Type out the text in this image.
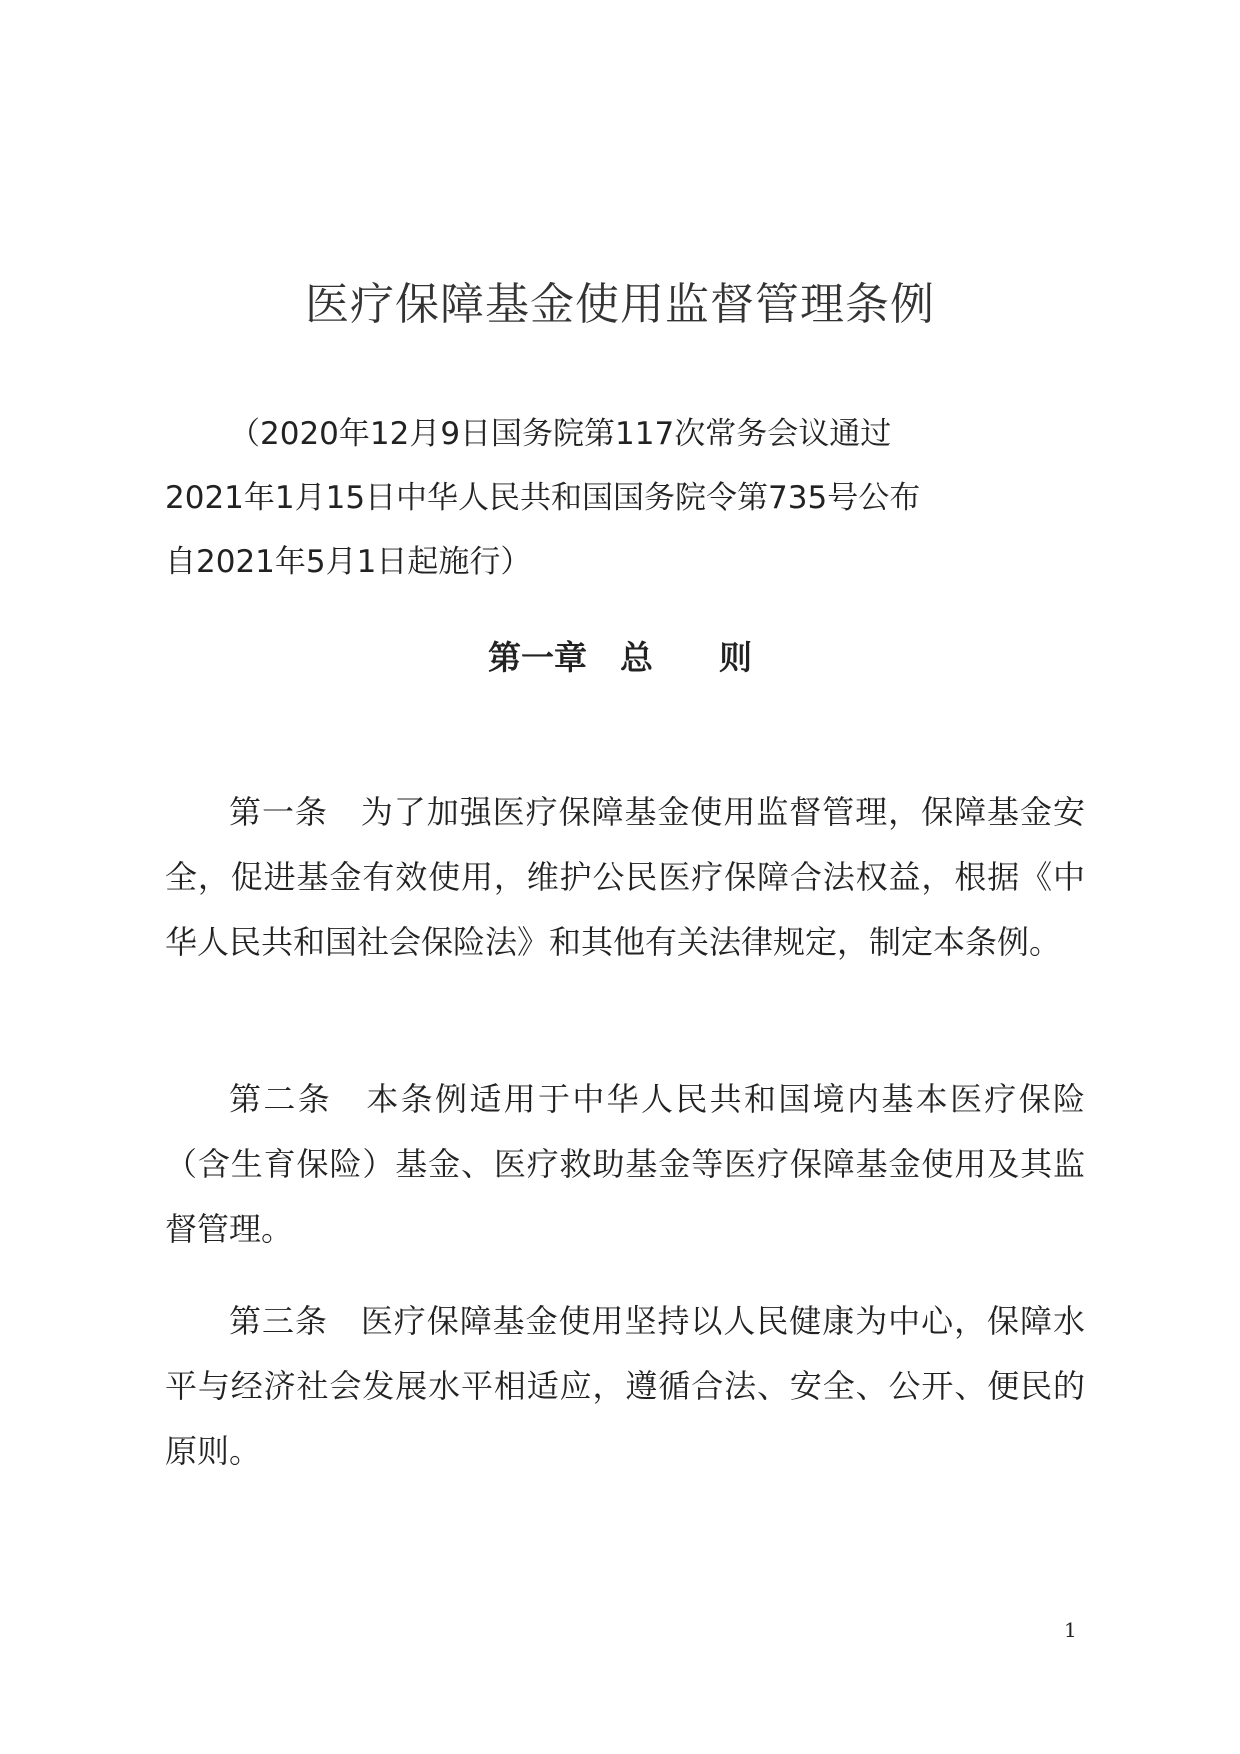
医疗保障基金使用监督管理条例

（2020年12月9日国务院第117次常务会议通过

2021年1月15日中华人民共和国国务院令第735号公布

自2021年5月1日起施行）

第一章　总　　则

第一条　 为了加强医疗保障基金使用监督管理，保障基金安全，促进基金有效使用，维护公民医疗保障合法权益，根据《中华人民共和国社会保险法》和其他有关法律规定，制定本条例。

第二条　 本条例适用于中华人民共和国境内基本医疗保险（含生育保险）基金、医疗救助基金等医疗保障基金使用及其监督管理。

第三条　 医疗保障基金使用坚持以人民健康为中心，保障水平与经济社会发展水平相适应，遵循合法、安全、公开、便民的原则。

1
